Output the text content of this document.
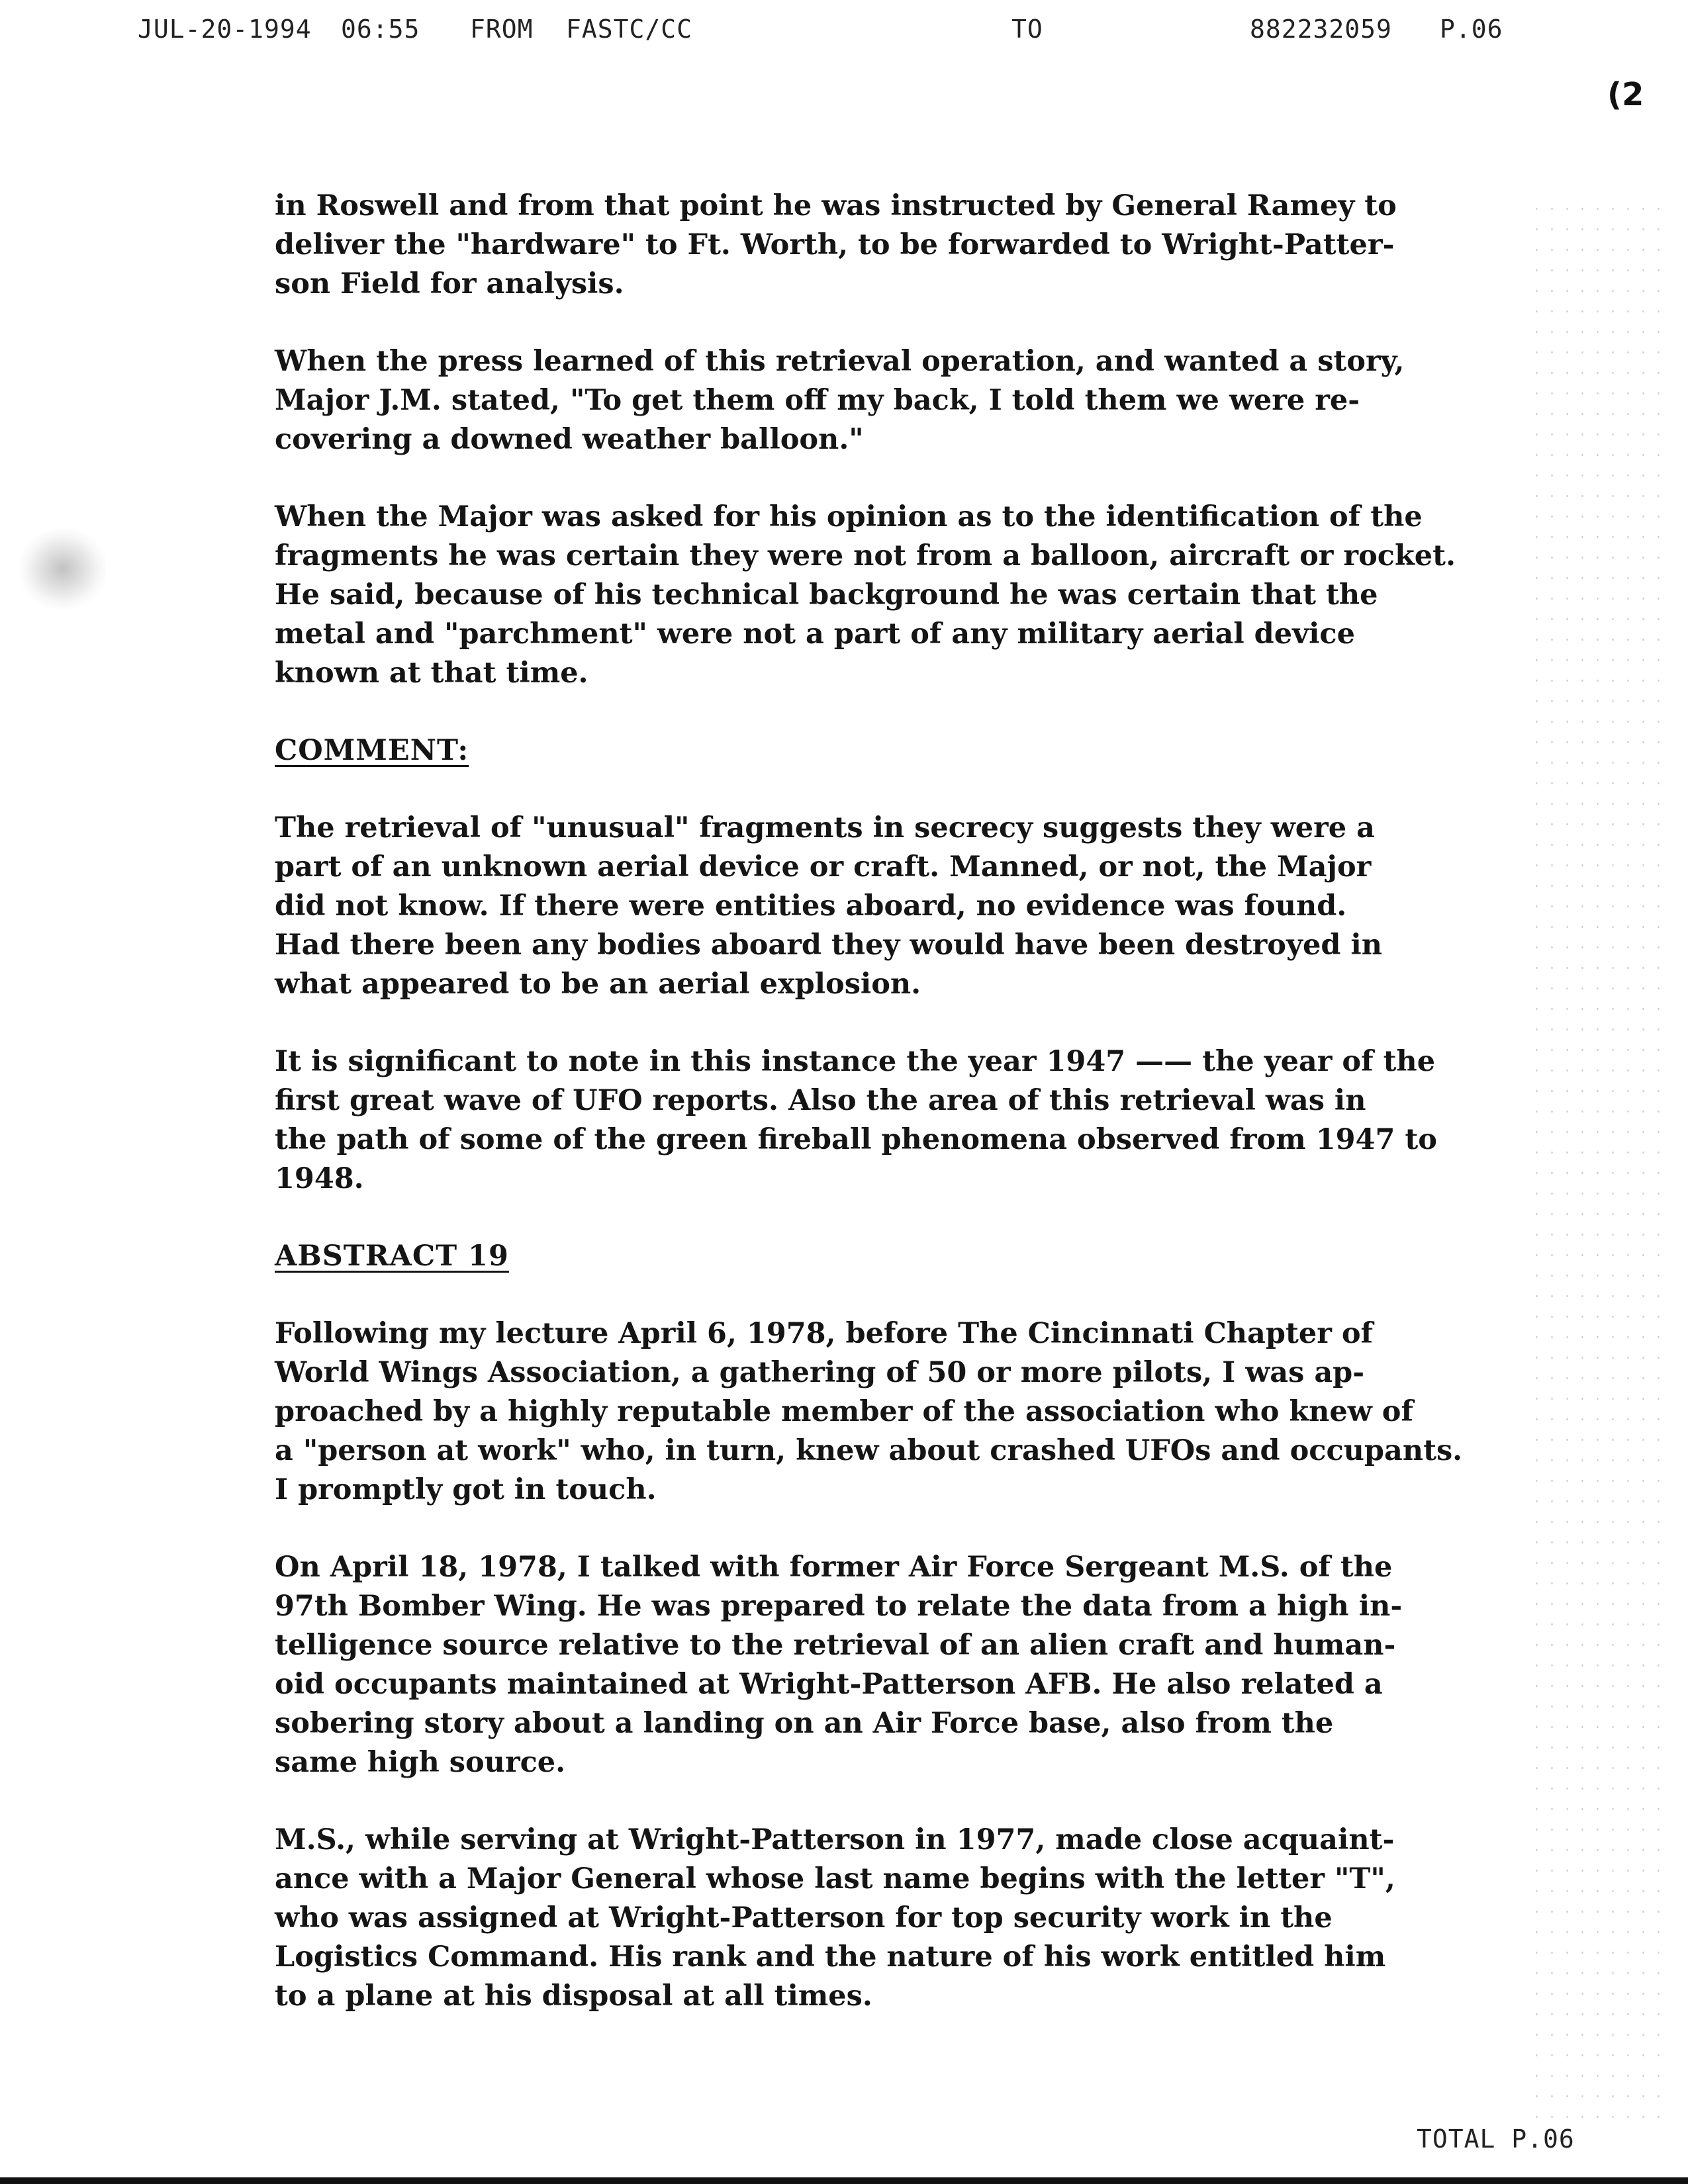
JUL-20-1994 06:55 FROM FASTC/CC	TO	882232059 P.06
(2
in Roswell and from that point he was instructed by General Ramey to
deliver the "hardware" to Ft. Worth, to be forwarded to Wright-Patter-
son Field for analysis.
When the press learned of this retrieval operation, and wanted a story,
Major J.M. stated, "To get them off my back, I told them we were re-
covering a downed weather balloon."
When the Major was asked for his opinion as to the identification of the
fragments he was certain they were not from a balloon, aircraft or rocket.
He said, because of his technical background he was certain that the
metal and "parchment" were not a part of any military aerial device
known at that time.
COMMENT:
The retrieval of "unusual" fragments in secrecy suggests they were a
part of an unknown aerial device or craft. Manned, or not, the Major
did not know. If there were entities aboard, no evidence was found.
Had there been any bodies aboard they would have been destroyed in
what appeared to be an aerial explosion.
It is significant to note in this instance the year 1947 —— the year of the
first great wave of UFO reports. Also the area of this retrieval was in
the path of some of the green fireball phenomena observed from 1947 to
1948.
ABSTRACT 19
Following my lecture April 6, 1978, before The Cincinnati Chapter of
World Wings Association, a gathering of 50 or more pilots, I was ap-
proached by a highly reputable member of the association who knew of
a "person at work" who, in turn, knew about crashed UFOs and occupants.
I promptly got in touch.
On April 18, 1978, I talked with former Air Force Sergeant M.S. of the
97th Bomber Wing. He was prepared to relate the data from a high in-
telligence source relative to the retrieval of an alien craft and human-
oid occupants maintained at Wright-Patterson AFB. He also related a
sobering story about a landing on an Air Force base, also from the
same high source.
M.S., while serving at Wright-Patterson in 1977, made close acquaint-
ance with a Major General whose last name begins with the letter "T",
who was assigned at Wright-Patterson for top security work in the
Logistics Command. His rank and the nature of his work entitled him
to a plane at his disposal at all times.
TOTAL P.06
